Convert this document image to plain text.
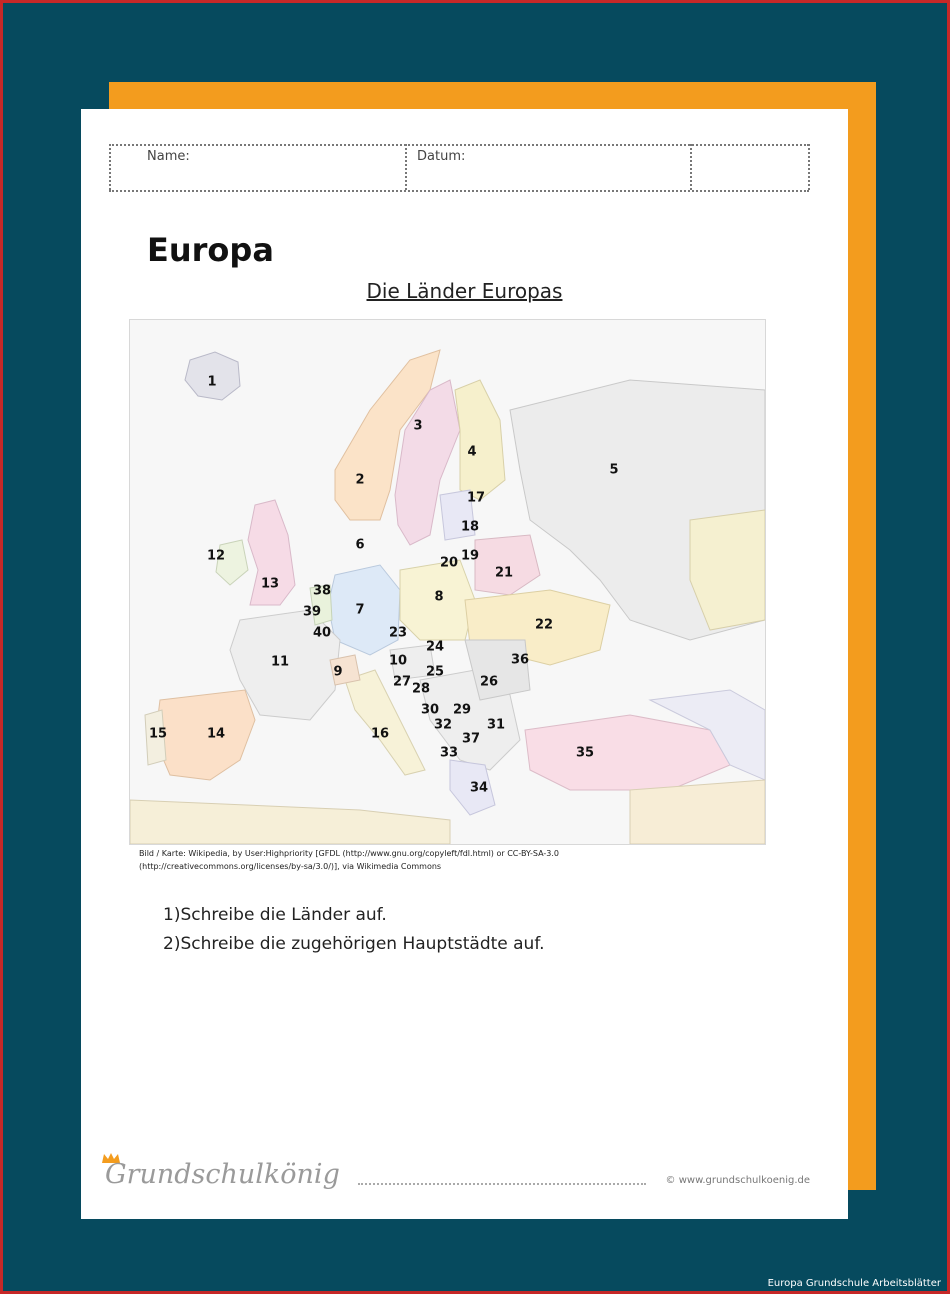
Name:	Datum:
Europa
Die Länder Europas
1
2
3
4
5
6
7
8
9
10
11
12
13
14
15	16
17
18
19
20
21
22
23
24
25
26
27 28
29
30
31
32
33
34
35
36
37
38
39
40
Bild / Karte: Wikipedia, by User:Highpriority [GFDL (http://www.gnu.org/copyleft/fdl.html) or CC-BY-SA-3.0
(http://creativecommons.org/licenses/by-sa/3.0/)], via Wikimedia Commons
1)Schreibe die Länder auf.
2)Schreibe die zugehörigen Hauptstädte auf.
Grundschulkönig	© www.grundschulkoenig.de
Europa Grundschule Arbeitsblätter
